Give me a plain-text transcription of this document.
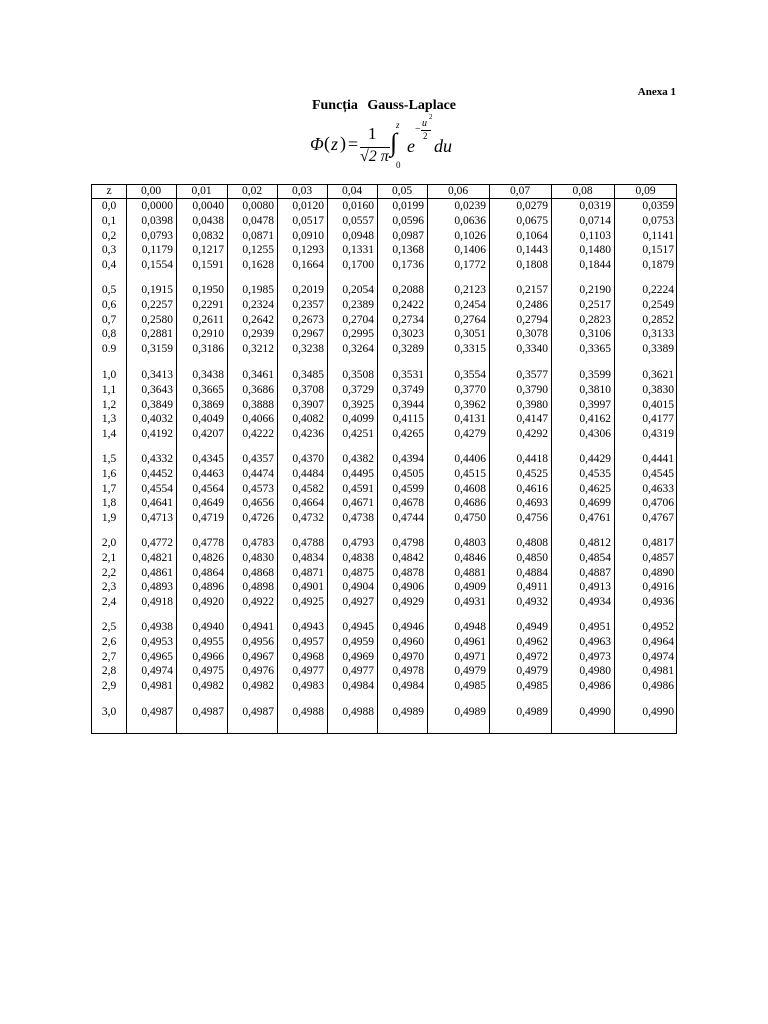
Anexa 1
Funcția Gauss-Laplace
Φ ( z ) =
1
√2 π ∫
z
0
e
−
u
2
2 du
z	0,00	0,01	0,02	0,03	0,04	0,05	0,06	0,07	0,08	0,09
0,0	0,0000	0,0040	0,0080	0,0120	0,0160	0,0199	0,0239	0,0279	0,0319	0,0359
0,1	0,0398	0,0438	0,0478	0,0517	0,0557	0,0596	0,0636	0,0675	0,0714	0,0753
0,2	0,0793	0,0832	0,0871	0,0910	0,0948	0,0987	0,1026	0,1064	0,1103	0,1141
0,3	0,1179	0,1217	0,1255	0,1293	0,1331	0,1368	0,1406	0,1443	0,1480	0,1517
0,4	0,1554	0,1591	0,1628	0,1664	0,1700	0,1736	0,1772	0,1808	0,1844	0,1879
0,5	0,1915	0,1950	0,1985	0,2019	0,2054	0,2088	0,2123	0,2157	0,2190	0,2224
0,6	0,2257	0,2291	0,2324	0,2357	0,2389	0,2422	0,2454	0,2486	0,2517	0,2549
0,7	0,2580	0,2611	0,2642	0,2673	0,2704	0,2734	0,2764	0,2794	0,2823	0,2852
0,8	0,2881	0,2910	0,2939	0,2967	0,2995	0,3023	0,3051	0,3078	0,3106	0,3133
0.9	0,3159	0,3186	0,3212	0,3238	0,3264	0,3289	0,3315	0,3340	0,3365	0,3389
1,0	0,3413	0,3438	0,3461	0,3485	0,3508	0,3531	0,3554	0,3577	0,3599	0,3621
1,1	0,3643	0,3665	0,3686	0,3708	0,3729	0,3749	0,3770	0,3790	0,3810	0,3830
1,2	0,3849	0,3869	0,3888	0,3907	0,3925	0,3944	0,3962	0,3980	0,3997	0,4015
1,3	0,4032	0,4049	0,4066	0,4082	0,4099	0,4115	0,4131	0,4147	0,4162	0,4177
1,4	0,4192	0,4207	0,4222	0,4236	0,4251	0,4265	0,4279	0,4292	0,4306	0,4319
1,5	0,4332	0,4345	0,4357	0,4370	0,4382	0,4394	0,4406	0,4418	0,4429	0,4441
1,6	0,4452	0,4463	0,4474	0,4484	0,4495	0,4505	0,4515	0,4525	0,4535	0,4545
1,7	0,4554	0,4564	0,4573	0,4582	0,4591	0,4599	0,4608	0,4616	0,4625	0,4633
1,8	0,4641	0,4649	0,4656	0,4664	0,4671	0,4678	0,4686	0,4693	0,4699	0,4706
1,9	0,4713	0,4719	0,4726	0,4732	0,4738	0,4744	0,4750	0,4756	0,4761	0,4767
2,0	0,4772	0,4778	0,4783	0,4788	0,4793	0,4798	0,4803	0,4808	0,4812	0,4817
2,1	0,4821	0,4826	0,4830	0,4834	0,4838	0,4842	0,4846	0,4850	0,4854	0,4857
2,2	0,4861	0,4864	0,4868	0,4871	0,4875	0,4878	0,4881	0,4884	0,4887	0,4890
2,3	0,4893	0,4896	0,4898	0,4901	0,4904	0,4906	0,4909	0,4911	0,4913	0,4916
2,4	0,4918	0,4920	0,4922	0,4925	0,4927	0,4929	0,4931	0,4932	0,4934	0,4936
2,5	0,4938	0,4940	0,4941	0,4943	0,4945	0,4946	0,4948	0,4949	0,4951	0,4952
2,6	0,4953	0,4955	0,4956	0,4957	0,4959	0,4960	0,4961	0,4962	0,4963	0,4964
2,7	0,4965	0,4966	0,4967	0,4968	0,4969	0,4970	0,4971	0,4972	0,4973	0,4974
2,8	0,4974	0,4975	0,4976	0,4977	0,4977	0,4978	0,4979	0,4979	0,4980	0,4981
2,9	0,4981	0,4982	0,4982	0,4983	0,4984	0,4984	0,4985	0,4985	0,4986	0,4986
3,0	0,4987	0,4987	0,4987	0,4988	0,4988	0,4989	0,4989	0,4989	0,4990	0,4990
